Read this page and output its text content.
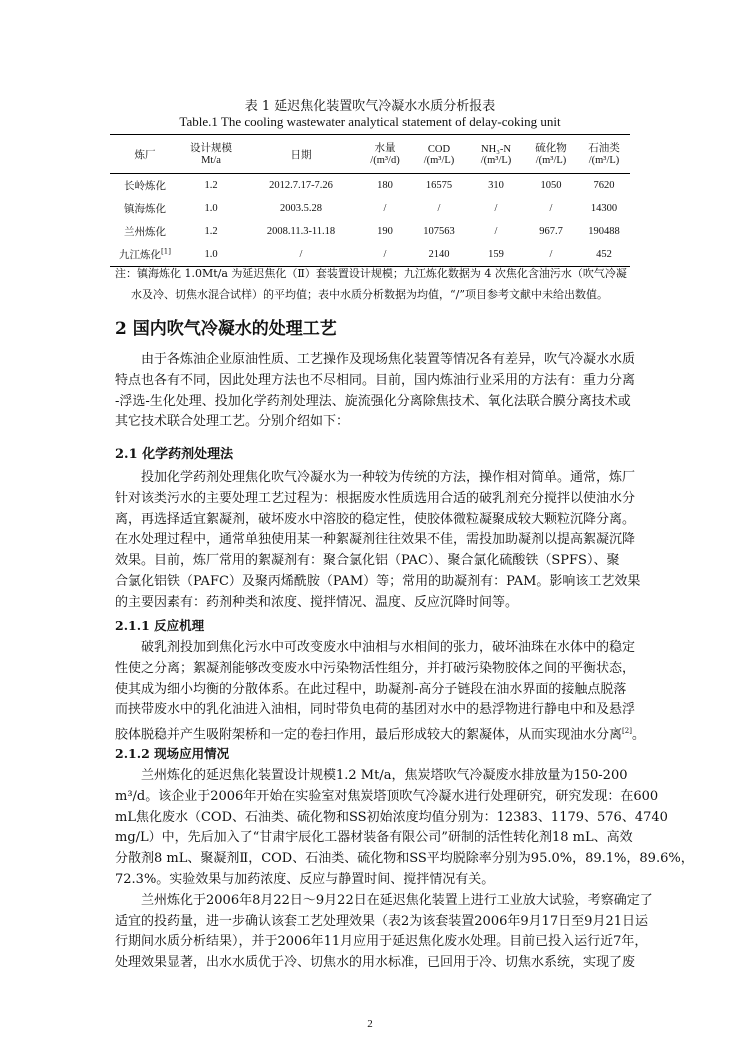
表 1 延迟焦化装置吹气冷凝水水质分析报表
Table.1 The cooling wastewater analytical statement of delay-coking unit
炼厂	设计规模	日期	水量	COD	NH₃-N	硫化物	石油类
	Mt/a		/(m³/d)	/(m³/L)	/(m³/L)	/(m³/L)	/(m³/L)
长岭炼化	1.2	2012.7.17-7.26	180	16575	310	1050	7620
镇海炼化	1.0	2003.5.28	/	/	/	/	14300
兰州炼化	1.2	2008.11.3-11.18	190	107563	/	967.7	190488
九江炼化[1]	1.0	/	/	2140	159	/	452
注：镇海炼化 1.0Mt/a 为延迟焦化（Ⅱ）套装置设计规模；九江炼化数据为 4 次焦化含油污水（吹气冷凝
水及冷、切焦水混合试样）的平均值；表中水质分析数据为均值，“/”项目参考文献中未给出数值。
2 国内吹气冷凝水的处理工艺
由于各炼油企业原油性质、工艺操作及现场焦化装置等情况各有差异，吹气冷凝水水质
特点也各有不同，因此处理方法也不尽相同。目前，国内炼油行业采用的方法有：重力分离
-浮选-生化处理、投加化学药剂处理法、旋流强化分离除焦技术、氧化法联合膜分离技术或
其它技术联合处理工艺。分别介绍如下：
2.1 化学药剂处理法
投加化学药剂处理焦化吹气冷凝水为一种较为传统的方法，操作相对简单。通常，炼厂
针对该类污水的主要处理工艺过程为：根据废水性质选用合适的破乳剂充分搅拌以使油水分
离，再选择适宜絮凝剂，破坏废水中溶胶的稳定性，使胶体微粒凝聚成较大颗粒沉降分离。
在水处理过程中，通常单独使用某一种絮凝剂往往效果不佳，需投加助凝剂以提高絮凝沉降
效果。目前，炼厂常用的絮凝剂有：聚合氯化铝（PAC）、聚合氯化硫酸铁（SPFS）、聚
合氯化铝铁（PAFC）及聚丙烯酰胺（PAM）等；常用的助凝剂有：PAM。影响该工艺效果
的主要因素有：药剂种类和浓度、搅拌情况、温度、反应沉降时间等。
2.1.1 反应机理
破乳剂投加到焦化污水中可改变废水中油相与水相间的张力，破坏油珠在水体中的稳定
性使之分离；絮凝剂能够改变废水中污染物活性组分，并打破污染物胶体之间的平衡状态，
使其成为细小均衡的分散体系。在此过程中，助凝剂-高分子链段在油水界面的接触点脱落
而挟带废水中的乳化油进入油相，同时带负电荷的基团对水中的悬浮物进行静电中和及悬浮
胶体脱稳并产生吸附架桥和一定的卷扫作用，最后形成较大的絮凝体，从而实现油水分离[2]。
2.1.2 现场应用情况
兰州炼化的延迟焦化装置设计规模1.2 Mt/a，焦炭塔吹气冷凝废水排放量为150-200
m³/d。该企业于2006年开始在实验室对焦炭塔顶吹气冷凝水进行处理研究，研究发现：在600
mL焦化废水（COD、石油类、硫化物和SS初始浓度均值分别为：12383、1179、576、4740
mg/L）中，先后加入了“甘肃宇辰化工器材装备有限公司”研制的活性转化剂18 mL、高效
分散剂8 mL、聚凝剂Ⅱ，COD、石油类、硫化物和SS平均脱除率分别为95.0%，89.1%，89.6%，
72.3%。实验效果与加药浓度、反应与静置时间、搅拌情况有关。
兰州炼化于2006年8月22日～9月22日在延迟焦化装置上进行工业放大试验，考察确定了
适宜的投药量，进一步确认该套工艺处理效果（表2为该套装置2006年9月17日至9月21日运
行期间水质分析结果），并于2006年11月应用于延迟焦化废水处理。目前已投入运行近7年，
处理效果显著，出水水质优于冷、切焦水的用水标准，已回用于冷、切焦水系统，实现了废
2
